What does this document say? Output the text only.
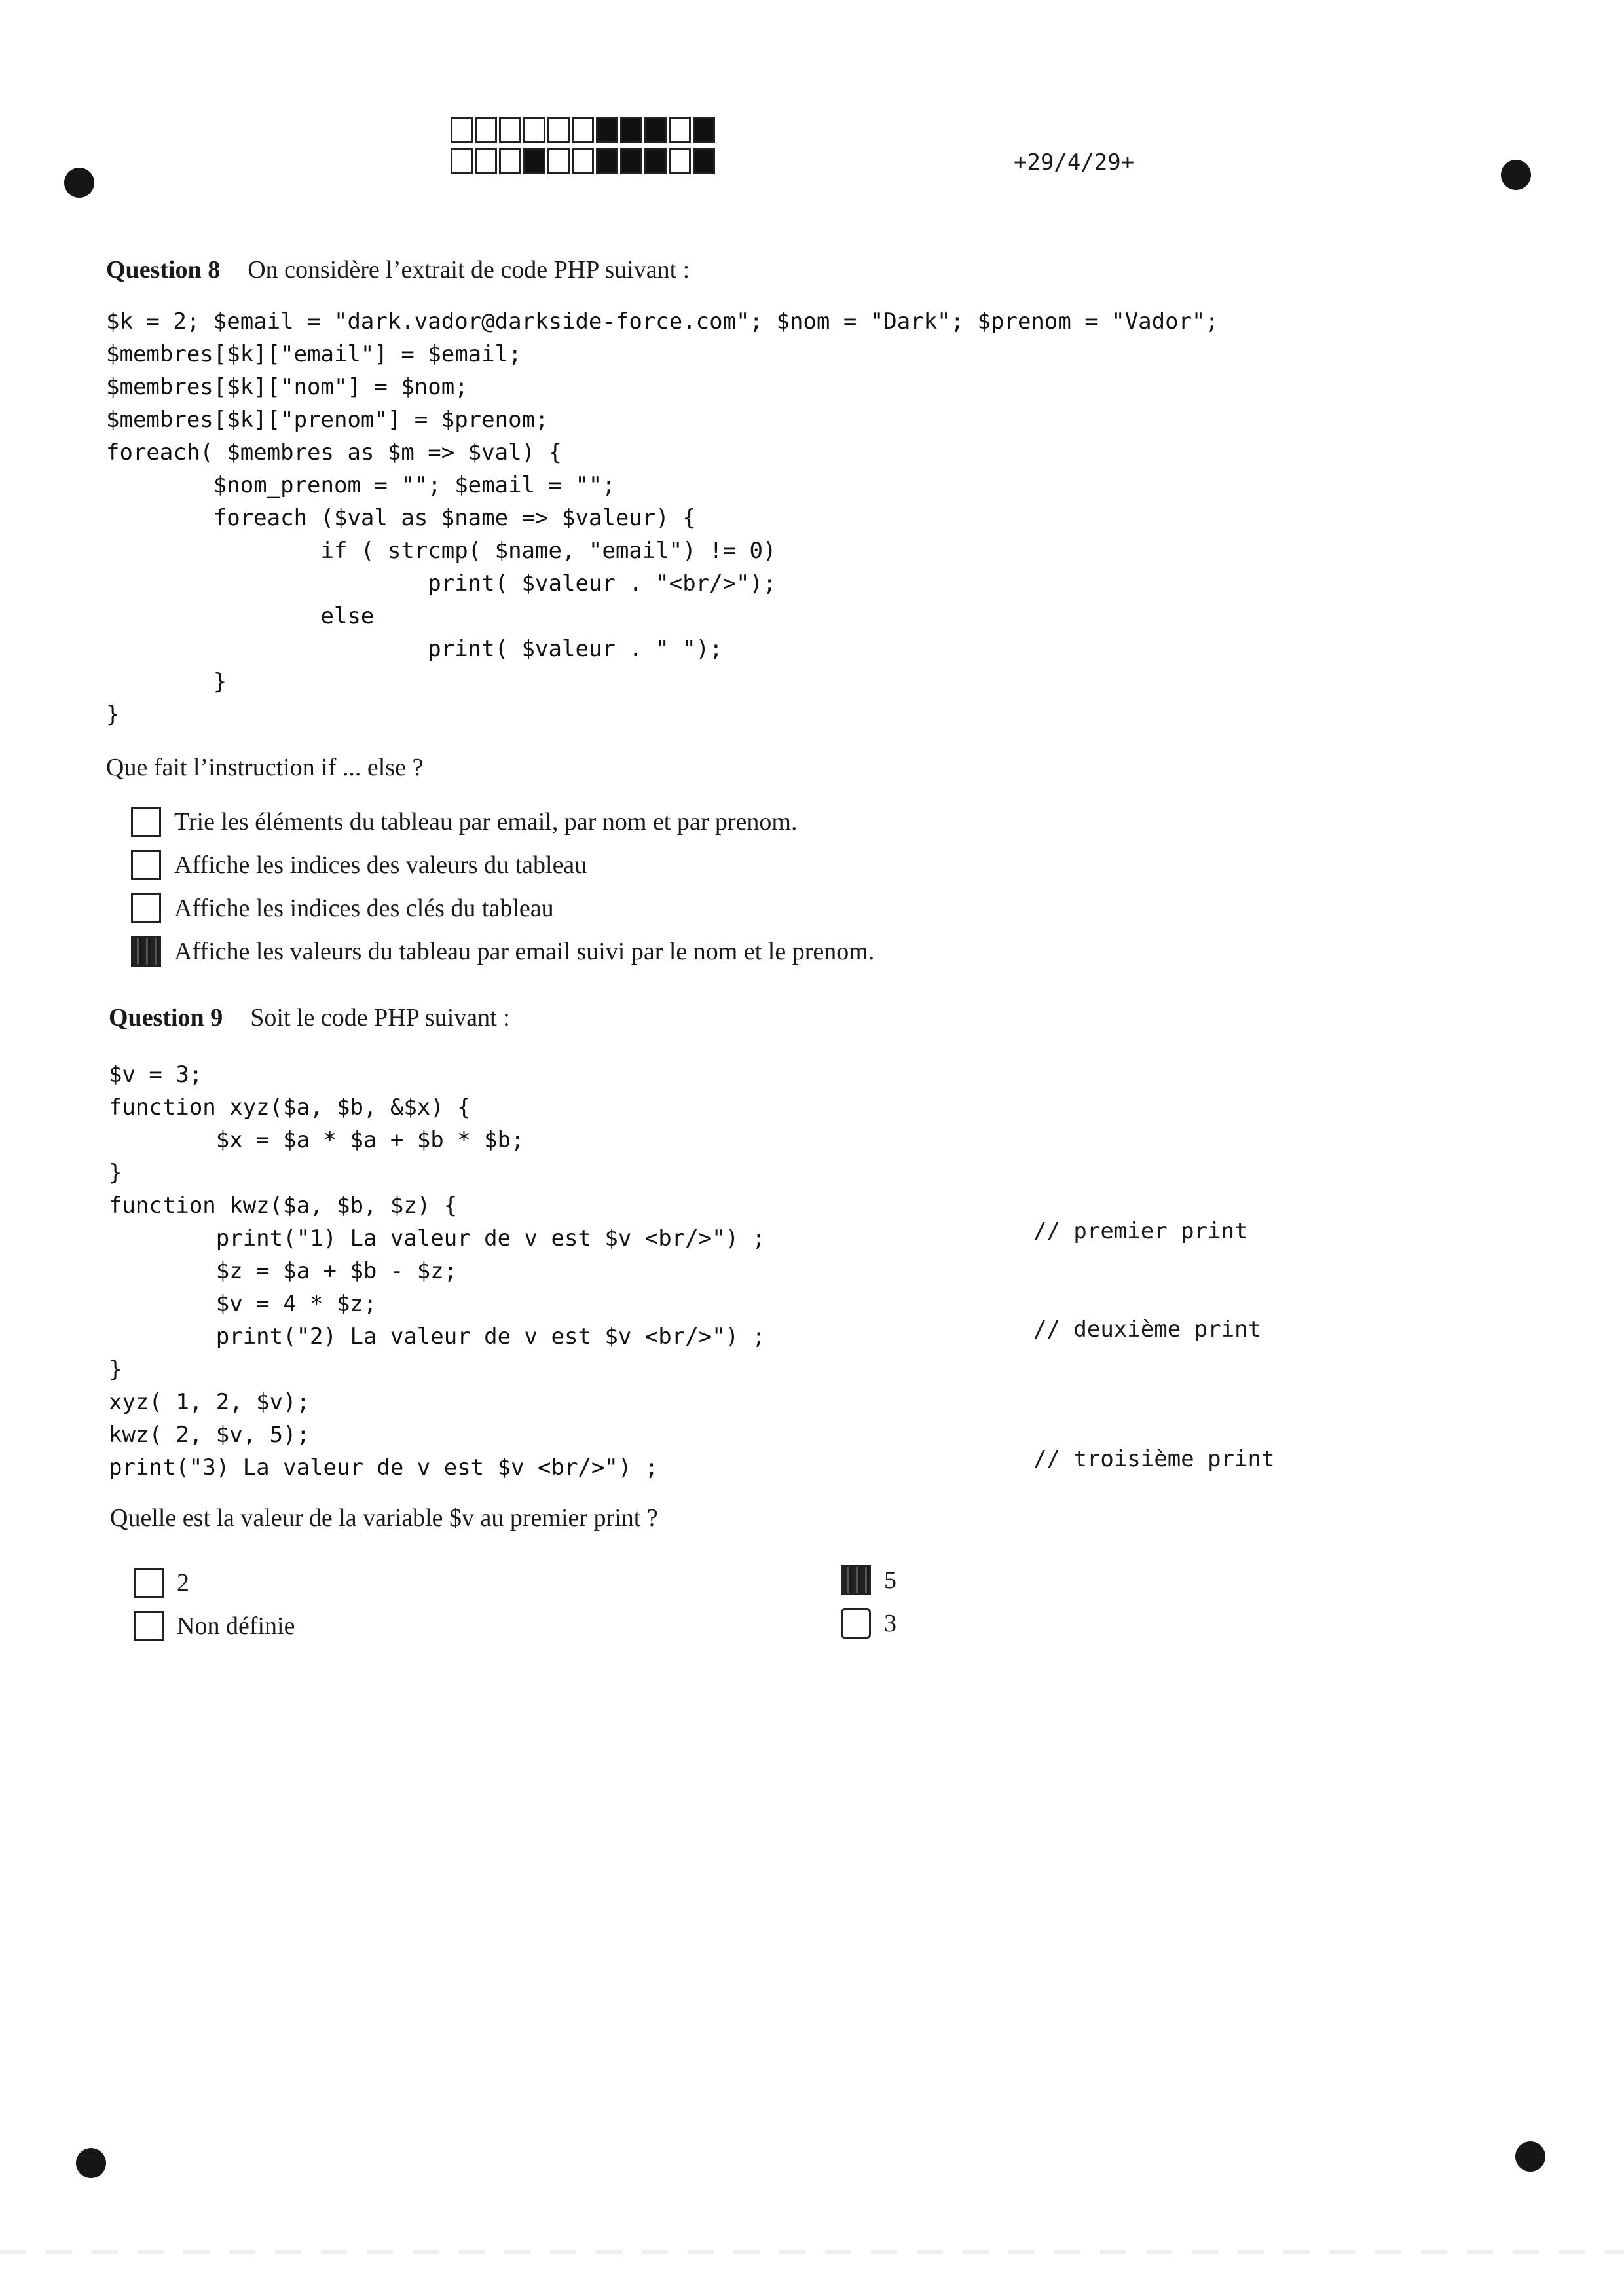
+29/4/29+
Question 8 On considère l’extrait de code PHP suivant :
$k = 2; $email = "dark.vador@darkside-force.com"; $nom = "Dark"; $prenom = "Vador";
$membres[$k]["email"] = $email;
$membres[$k]["nom"] = $nom;
$membres[$k]["prenom"] = $prenom;
foreach( $membres as $m => $val) {
$nom_prenom = ""; $email = "";
foreach ($val as $name => $valeur) {
if ( strcmp( $name, "email") != 0)
print( $valeur . "<br/>");
else
print( $valeur . " ");
}
}
Que fait l’instruction if ... else ?
Trie les éléments du tableau par email, par nom et par prenom.
Affiche les indices des valeurs du tableau
Affiche les indices des clés du tableau
Affiche les valeurs du tableau par email suivi par le nom et le prenom.
Question 9 Soit le code PHP suivant :
$v = 3;
function xyz($a, $b, &$x) {
$x = $a * $a + $b * $b;
}
function kwz($a, $b, $z) {
print("1) La valeur de v est $v <br/>") ;
$z = $a + $b - $z;
$v = 4 * $z;
print("2) La valeur de v est $v <br/>") ;
}
xyz( 1, 2, $v);
kwz( 2, $v, 5);
print("3) La valeur de v est $v <br/>") ;
// premier print
// deuxième print
// troisième print
Quelle est la valeur de la variable $v au premier print ?
2
Non définie
5
3
